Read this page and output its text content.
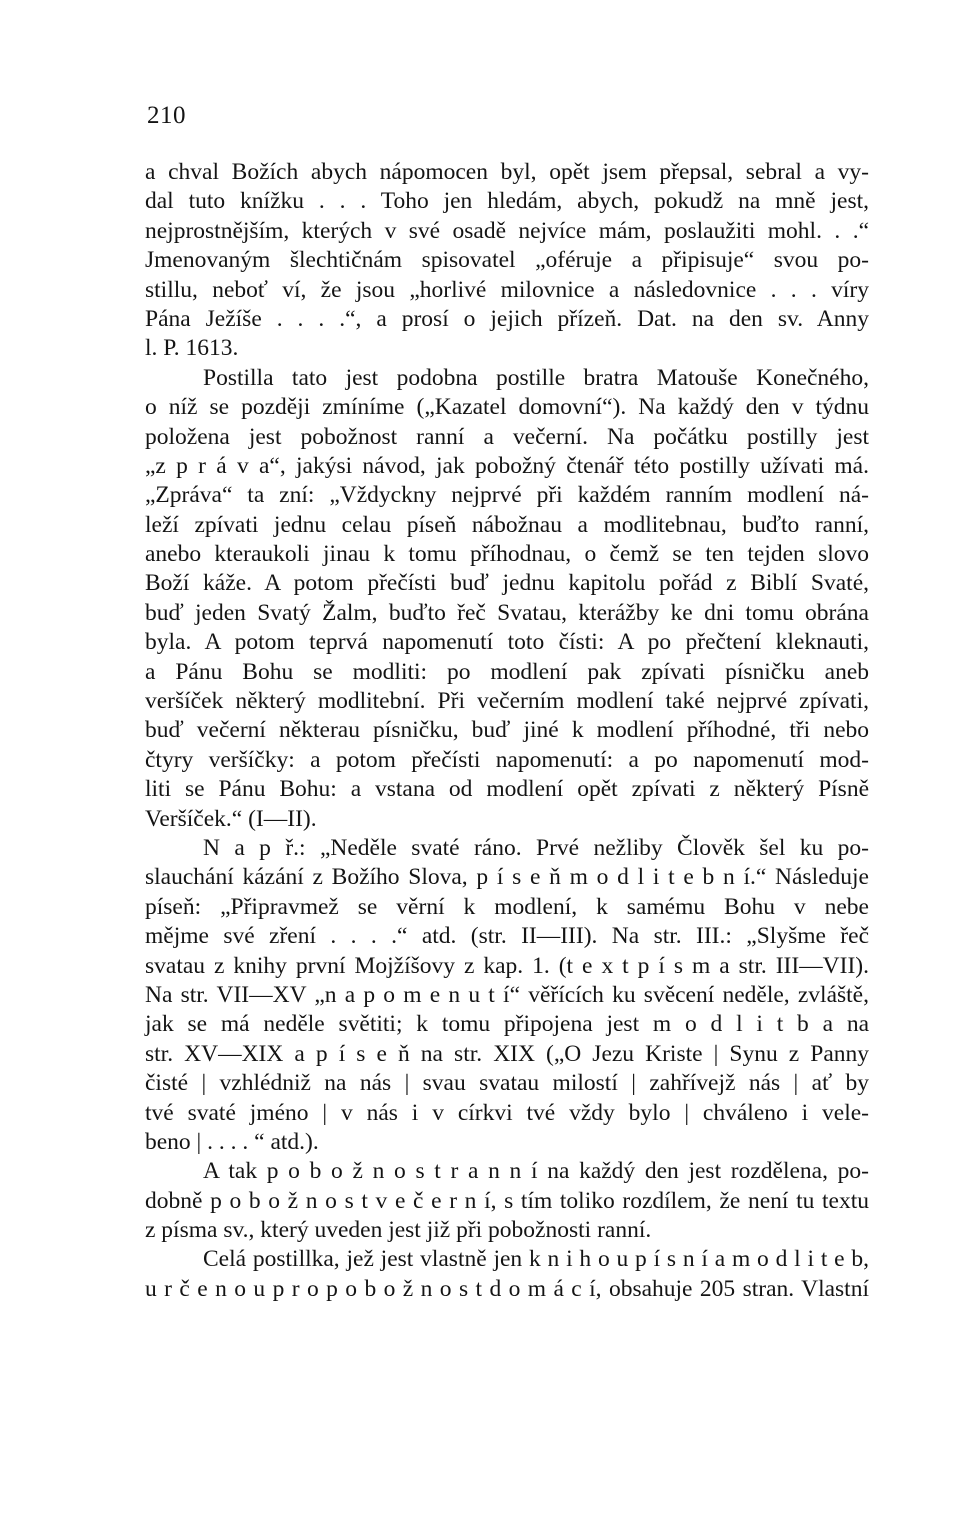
210
a chval Božích abych nápomocen byl, opět jsem přepsal, sebral a vy-
dal tuto knížku . . . Toho jen hledám, abych, pokudž na mně jest,
nejprostnějším, kterých v své osadě nejvíce mám, poslaužiti mohl. . .“
Jmenovaným šlechtičnám spisovatel „oféruje a připisuje“ svou po-
stillu, neboť ví, že jsou „horlivé milovnice a následovnice . . . víry
Pána Ježíše . . . .“, a prosí o jejich přízeň. Dat. na den sv. Anny
l. P. 1613.
Postilla tato jest podobna postille bratra Matouše Konečného,
o níž se později zmíníme („Kazatel domovní“). Na každý den v týdnu
položena jest pobožnost ranní a večerní. Na počátku postilly jest
„z p r á v a“, jakýsi návod, jak pobožný čtenář této postilly užívati má.
„Zpráva“ ta zní: „Vždyckny nejprvé při každém ranním modlení ná-
leží zpívati jednu celau píseň nábožnau a modlitebnau, buďto ranní,
anebo kteraukoli jinau k tomu příhodnau, o čemž se ten tejden slovo
Boží káže. A potom přečísti buď jednu kapitolu pořád z Biblí Svaté,
buď jeden Svatý Žalm, buďto řeč Svatau, kterážby ke dni tomu obrána
byla. A potom teprvá napomenutí toto čísti: A po přečtení kleknauti,
a Pánu Bohu se modliti: po modlení pak zpívati písničku aneb
veršíček některý modlitební. Při večerním modlení také nejprvé zpívati,
buď večerní některau písničku, buď jiné k modlení příhodné, tři nebo
čtyry veršíčky: a potom přečísti napomenutí: a po napomenutí mod-
liti se Pánu Bohu: a vstana od modlení opět zpívati z některý Písně
Veršíček.“ (I—II).
N a p ř.: „Neděle svaté ráno. Prvé nežliby Člověk šel ku po-
slauchání kázání z Božího Slova, p í s e ň m o d l i t e b n í.“ Následuje
píseň: „Připravmež se věrní k modlení, k samému Bohu v nebe
mějme své zření . . . .“ atd. (str. II—III). Na str. III.: „Slyšme řeč
svatau z knihy první Mojžíšovy z kap. 1. (t e x t p í s m a str. III—VII).
Na str. VII—XV „n a p o m e n u t í“ věřících ku svěcení neděle, zvláště,
jak se má neděle světiti; k tomu připojena jest m o d l i t b a na
str. XV—XIX a p í s e ň na str. XIX („O Jezu Kriste | Synu z Panny
čisté | vzhlédniž na nás | svau svatau milostí | zahřívejž nás | ať by
tvé svaté jméno | v nás i v církvi tvé vždy bylo | chváleno i vele-
beno | . . . . “ atd.).
A tak p o b o ž n o s t r a n n í na každý den jest rozdělena, po-
dobně p o b o ž n o s t v e č e r n í, s tím toliko rozdílem, že není tu textu
z písma sv., který uveden jest již při pobožnosti ranní.
Celá postillka, jež jest vlastně jen k n i h o u p í s n í a m o d l i t e b,
u r č e n o u p r o p o b o ž n o s t d o m á c í, obsahuje 205 stran. Vlastní
